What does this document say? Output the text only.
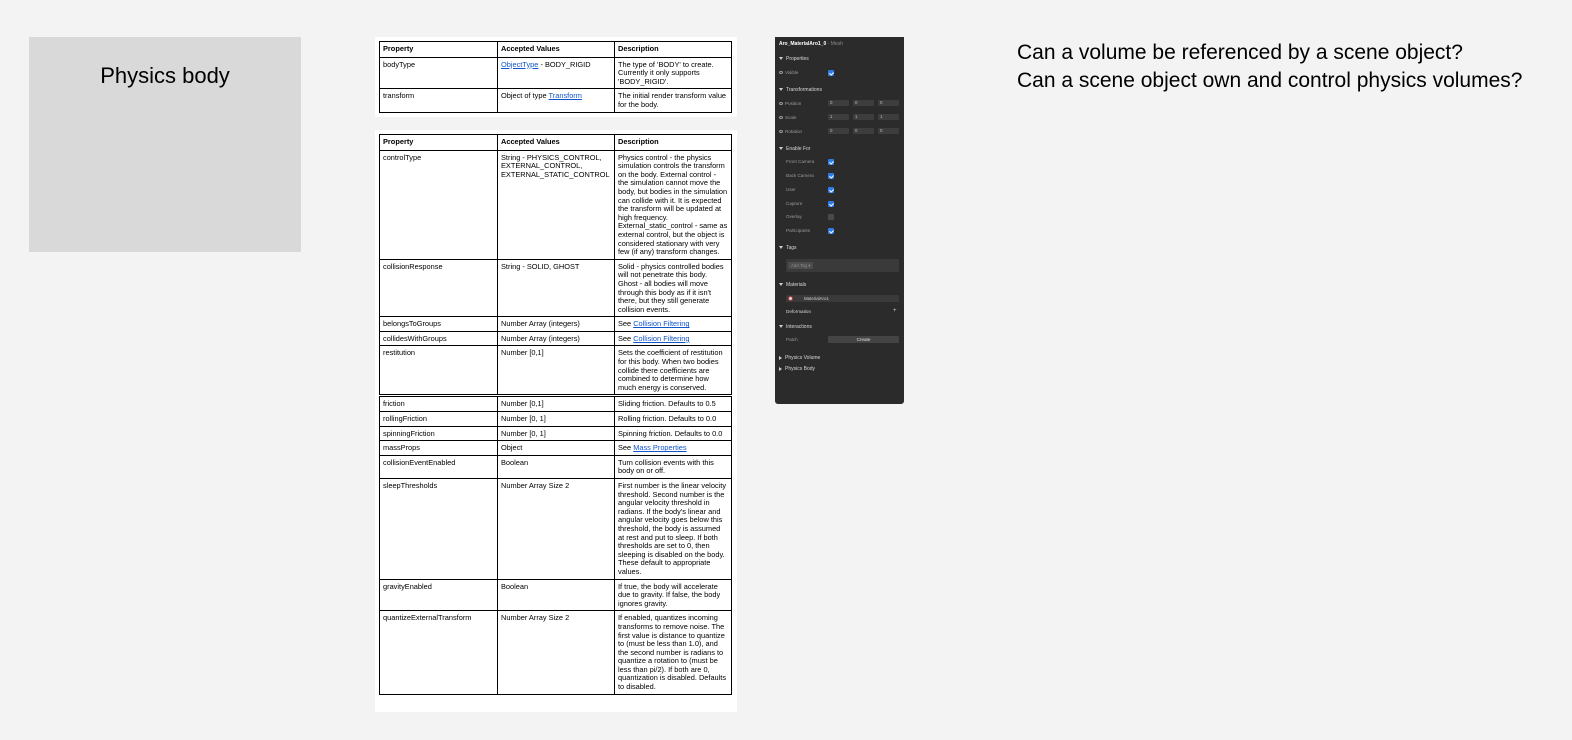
Physics body
Property	Accepted Values	Description
bodyType	ObjectType - BODY_RIGID	The type of 'BODY' to create. Currently it only supports 'BODY_RIGID'.
transform	Object of type Transform	The initial render transform value for the body.
Property	Accepted Values	Description
controlType	String - PHYSICS_CONTROL, EXTERNAL_CONTROL, EXTERNAL_STATIC_CONTROL	Physics control - the physics simulation controls the transform on the body. External control - the simulation cannot move the body, but bodies in the simulation can collide with it. It is expected the transform will be updated at high frequency. External_static_control - same as external control, but the object is considered stationary with very few (if any) transform changes.
collisionResponse	String - SOLID, GHOST	Solid - physics controlled bodies will not penetrate this body. Ghost - all bodies will move through this body as if it isn't there, but they still generate collision events.
belongsToGroups	Number Array (integers)	See Collision Filtering
collidesWithGroups	Number Array (integers)	See Collision Filtering
restitution	Number [0,1]	Sets the coefficient of restitution for this body. When two bodies collide there coefficients are combined to determine how much energy is conserved.
friction	Number [0,1]	Sliding friction. Defaults to 0.5
rollingFriction	Number [0, 1]	Rolling friction. Defaults to 0.0
spinningFriction	Number [0, 1]	Spinning friction. Defaults to 0.0
massProps	Object	See Mass Properties
collisionEventEnabled	Boolean	Turn collision events with this body on or off.
sleepThresholds	Number Array Size 2	First number is the linear velocity threshold. Second number is the angular velocity threshold in radians. If the body's linear and angular velocity goes below this threshold, the body is assumed at rest and put to sleep. If both thresholds are set to 0, then sleeping is disabled on the body. These default to appropriate values.
gravityEnabled	Boolean	If true, the body will accelerate due to gravity. If false, the body ignores gravity.
quantizeExternalTransform	Number Array Size 2	If enabled, quantizes incoming transforms to remove noise. The first value is distance to quantize to (must be less than 1.0), and the second number is radians to quantize a rotation to (must be less than pi/2). If both are 0, quantization is disabled. Defaults to disabled.
Aro_MaterialAro1_0 - Mesh
Properties
Visible
Transformations
Position	0	0	0
Scale	1	1	1
Rotation	0	0	0
Enable For
Front Camera
Back Camera
User
Capture
Overlay
Participants
Tags
Add Tag ▾
Materials
MaterialAro1
Deformation	+
Interactions
Patch	Create
Physics Volume
Physics Body
Can a volume be referenced by a scene object?
Can a scene object own and control physics volumes?
